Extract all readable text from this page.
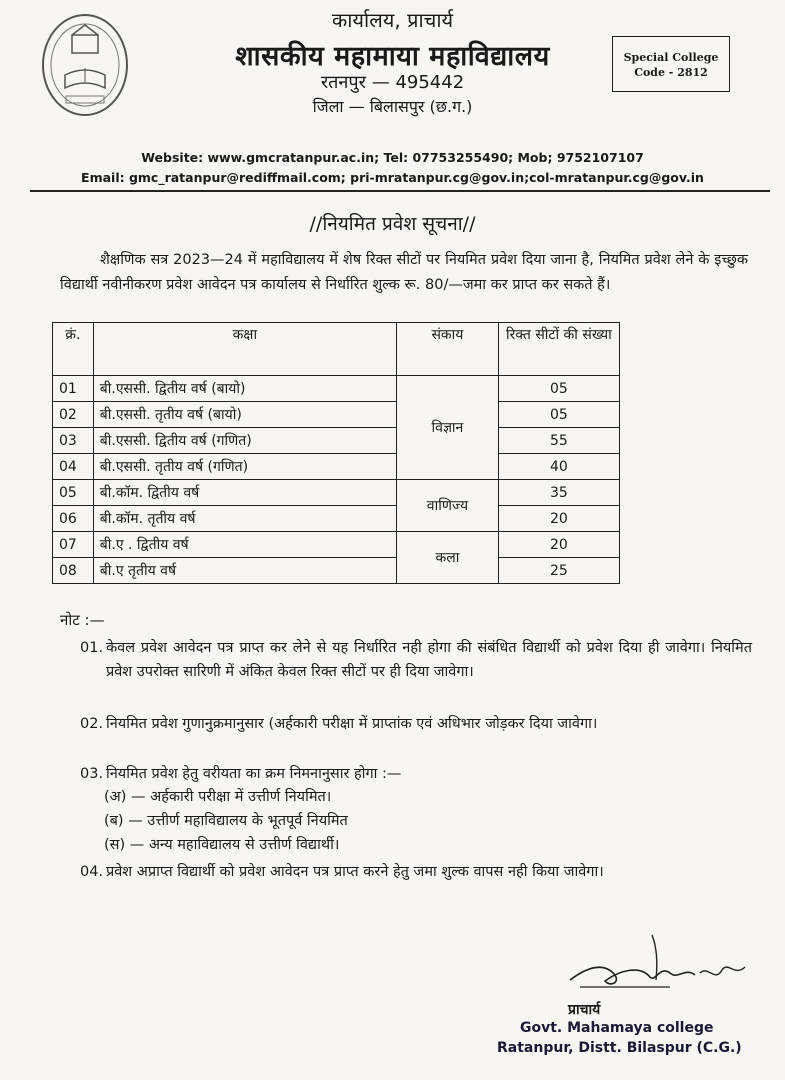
कार्यालय, प्राचार्य
शासकीय महामाया महाविद्यालय
रतनपुर — 495442
जिला — बिलासपुर (छ.ग.)
Special College
Code - 2812
Website: www.gmcratanpur.ac.in; Tel: 07753255490; Mob; 9752107107
Email: gmc_ratanpur@rediffmail.com; pri-mratanpur.cg@gov.in;col-mratanpur.cg@gov.in
//नियमित प्रवेश सूचना//
शैक्षणिक सत्र 2023—24 में महाविद्यालय में शेष रिक्त सीटों पर नियमित प्रवेश दिया जाना है, नियमित प्रवेश लेने के इच्छुक विद्यार्थी नवीनीकरण प्रवेश आवेदन पत्र कार्यालय से निर्धारित शुल्क रू. 80/—जमा कर प्राप्त कर सकते हैं।
क्रं.	कक्षा	संकाय	रिक्त सीटों की संख्या
01	बी.एससी. द्वितीय वर्ष (बायो)	विज्ञान	05
02	बी.एससी. तृतीय वर्ष (बायो)		05
03	बी.एससी. द्वितीय वर्ष (गणित)		55
04	बी.एससी. तृतीय वर्ष (गणित)		40
05	बी.कॉम. द्वितीय वर्ष	वाणिज्य	35
06	बी.कॉम. तृतीय वर्ष		20
07	बी.ए . द्वितीय वर्ष	कला	20
08	बी.ए तृतीय वर्ष		25
नोट :—
01. केवल प्रवेश आवेदन पत्र प्राप्त कर लेने से यह निर्धारित नही होगा की संबंधित विद्यार्थी को प्रवेश दिया ही जावेगा। नियमित प्रवेश उपरोक्त सारिणी में अंकित केवल रिक्त सीटों पर ही दिया जावेगा।
02. नियमित प्रवेश गुणानुक्रमानुसार (अर्हकारी परीक्षा में प्राप्तांक एवं अधिभार जोड़कर दिया जावेगा।
03. नियमित प्रवेश हेतु वरीयता का क्रम निमनानुसार होगा :—
(अ) — अर्हकारी परीक्षा में उत्तीर्ण नियमित।
(ब) — उत्तीर्ण महाविद्यालय के भूतपूर्व नियमित
(स) — अन्य महाविद्यालय से उत्तीर्ण विद्यार्थी।
04. प्रवेश अप्राप्त विद्यार्थी को प्रवेश आवेदन पत्र प्राप्त करने हेतु जमा शुल्क वापस नही किया जावेगा।
प्राचार्य
Govt. Mahamaya college
Ratanpur, Distt. Bilaspur (C.G.)
